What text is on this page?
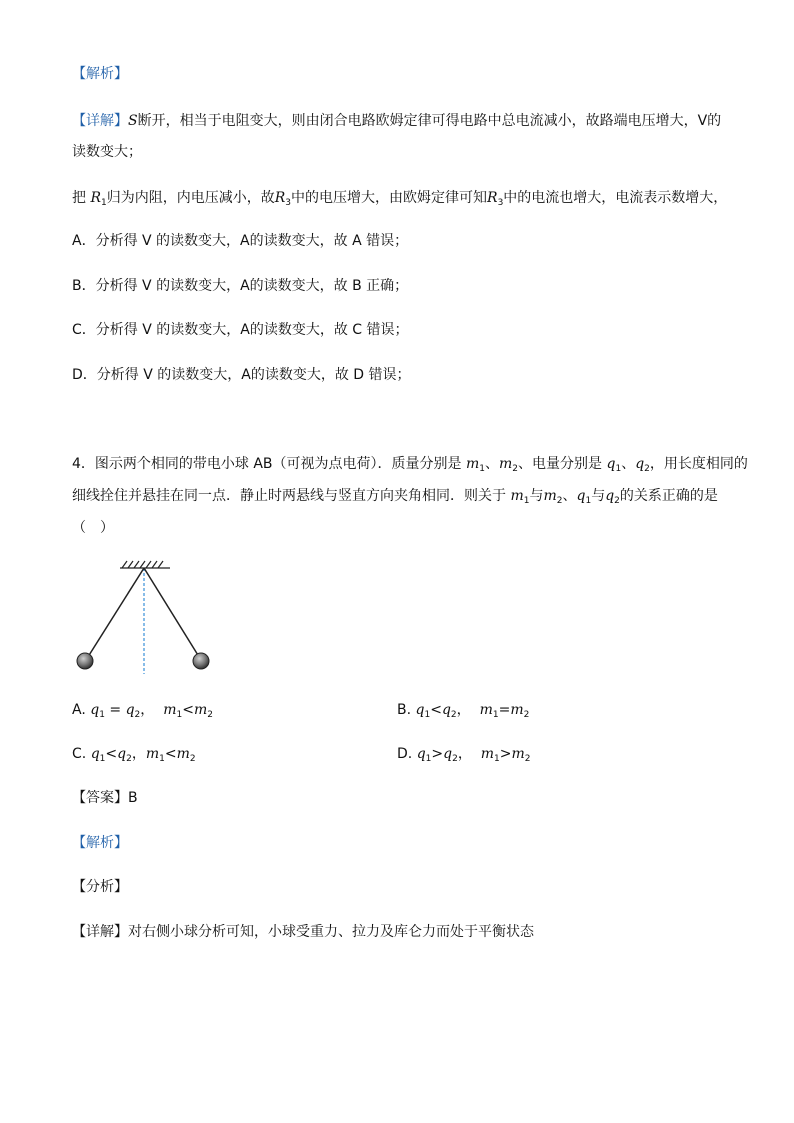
【解析】
【详解】S断开，相当于电阻变大，则由闭合电路欧姆定律可得电路中总电流减小，故路端电压增大，V的
读数变大；
把 $R_1$归为内阻，内电压减小，故$R_3$中的电压增大，由欧姆定律可知$R_3$中的电流也增大，电流表示数增大，
A．分析得 V 的读数变大，A的读数变大，故 A 错误；
B．分析得 V 的读数变大，A的读数变大，故 B 正确；
C．分析得 V 的读数变大，A的读数变大，故 C 错误；
D．分析得 V 的读数变大，A的读数变大，故 D 错误；
4．图示两个相同的带电小球 AB（可视为点电荷）．质量分别是 $m_1$、$m_2$、电量分别是 $q_1$、$q_2$，用长度相同的
细线拴住并悬挂在同一点．静止时两悬线与竖直方向夹角相同．则关于 $m_1$与$m_2$、$q_1$与$q_2$的关系正确的是
（　）
A. $q_1 = q_2$， $m_1<m_2$	B. $q_1<q_2$， $m_1=m_2$
C. $q_1<q_2$，$m_1<m_2$	D. $q_1>q_2$， $m_1>m_2$
【答案】B
【解析】
【分析】
【详解】对右侧小球分析可知，小球受重力、拉力及库仑力而处于平衡状态
